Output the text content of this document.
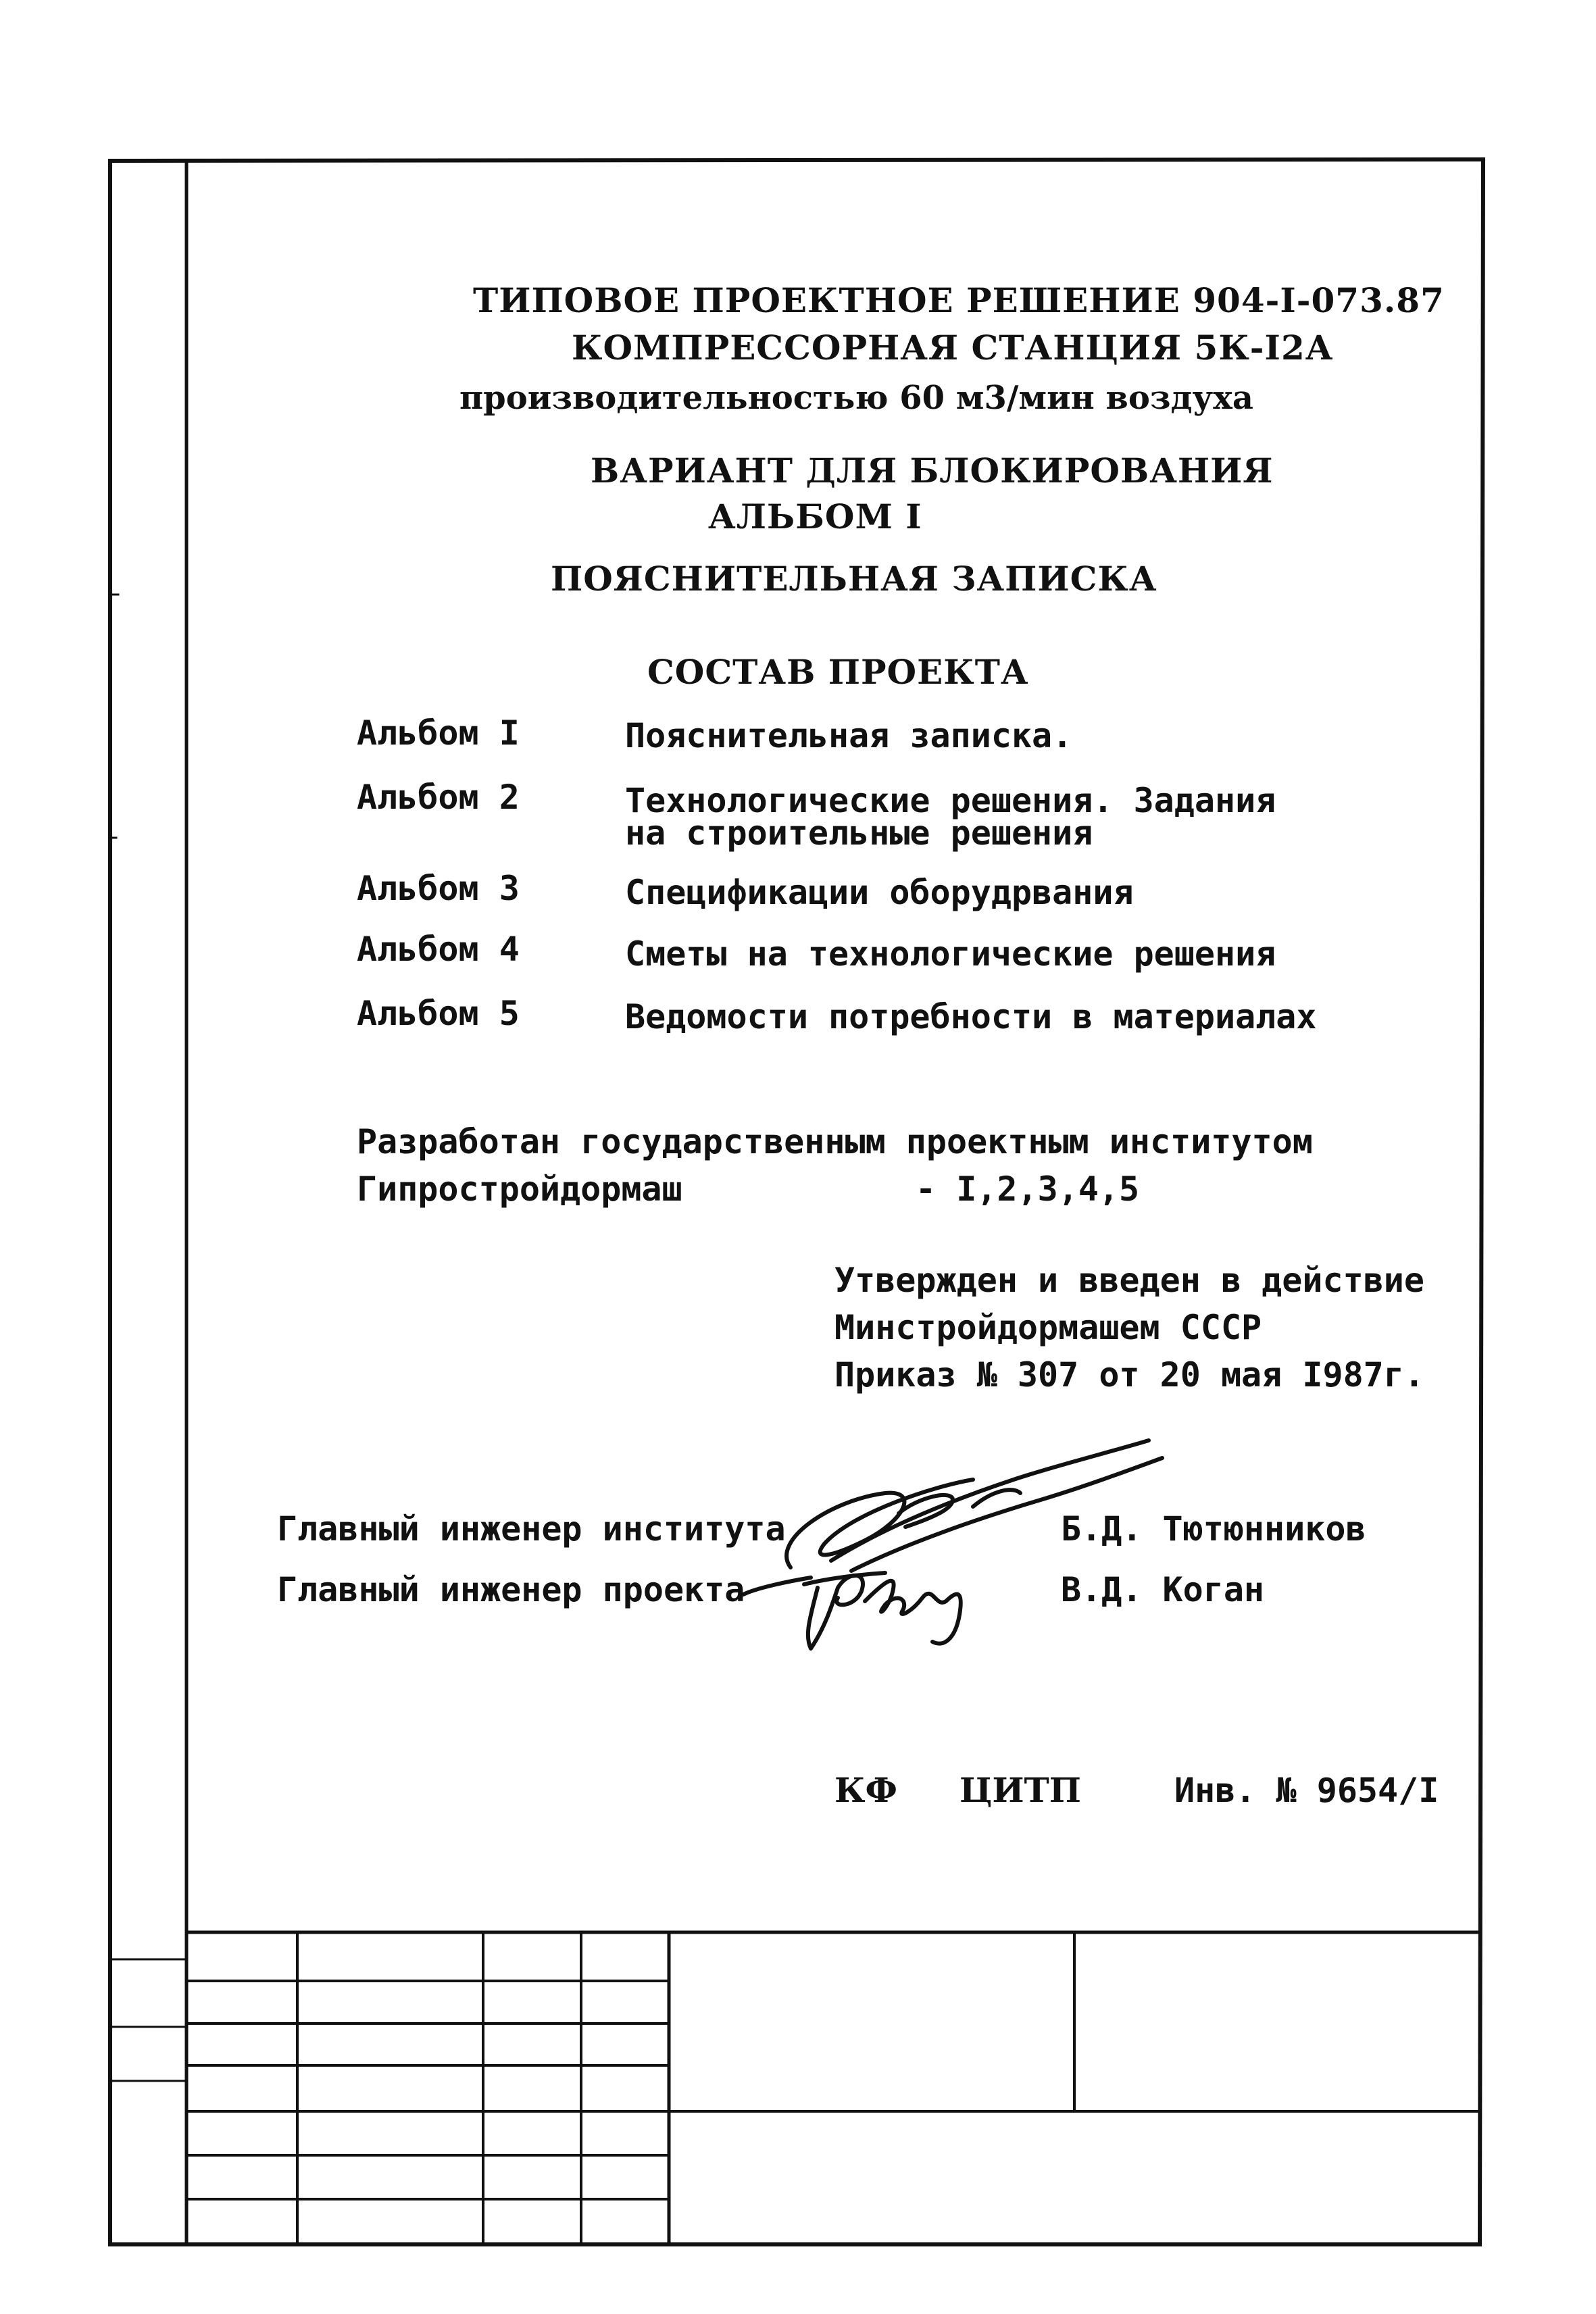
ТИПОВОЕ ПРОЕКТНОЕ РЕШЕНИЕ 904-I-073.87
КОМПРЕССОРНАЯ СТАНЦИЯ 5К-I2А
производительностью 60 м3/мин воздуха
ВАРИАНТ ДЛЯ БЛОКИРОВАНИЯ
АЛЬБОМ I
ПОЯСНИТЕЛЬНАЯ ЗАПИСКА
СОСТАВ ПРОЕКТА
Альбом I	Пояснительная записка.
Альбом 2	Технологические решения. Задания
на строительные решения
Альбом 3	Спецификации оборудрвания
Альбом 4	Сметы на технологические решения
Альбом 5	Ведомости потребности в материалах
Разработан государственным проектным институтом
Гипростройдормаш	- I,2,3,4,5
Утвержден и введен в действие
Минстройдормашем СССР
Приказ № 307 от 20 мая I987г.
Главный инженер института	Б.Д. Тютюнников
Главный инженер проекта	В.Д. Коган
КФ ЦИТП	Инв. № 9654/I
